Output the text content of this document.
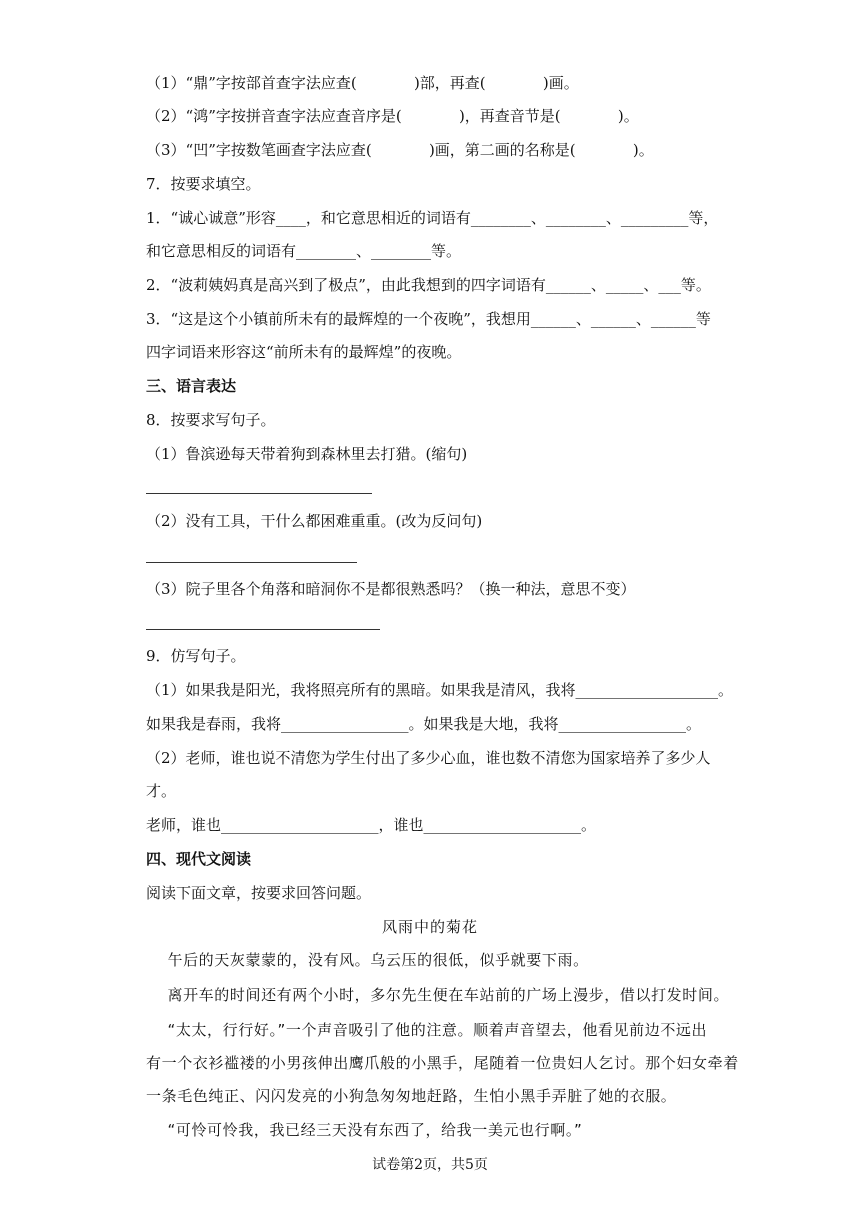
（1）“鼎”字按部首查字法应查(            )部，再查(            )画。
（2）“鸿”字按拼音查字法应查音序是(            )，再查音节是(            )。
（3）“凹”字按数笔画查字法应查(            )画，第二画的名称是(            )。
7．按要求填空。
1．“诚心诚意”形容____，和它意思相近的词语有________、________、_________等，
和它意思相反的词语有________、________等。
2．“波莉姨妈真是高兴到了极点”，由此我想到的四字词语有______、_____、___等。
3．“这是这个小镇前所未有的最辉煌的一个夜晚”，我想用______、______、______等
四字词语来形容这“前所未有的最辉煌”的夜晚。
三、语言表达
8．按要求写句子。
（1）鲁滨逊每天带着狗到森林里去打猎。(缩句)
（2）没有工具，干什么都困难重重。(改为反问句)
（3）院子里各个角落和暗洞你不是都很熟悉吗？（换一种法，意思不变）
9．仿写句子。
（1）如果我是阳光，我将照亮所有的黑暗。如果我是清风，我将___________________。
如果我是春雨，我将_________________。如果我是大地，我将_________________。
（2）老师，谁也说不清您为学生付出了多少心血，谁也数不清您为国家培养了多少人
才。
老师，谁也_____________________，谁也_____________________。
四、现代文阅读
阅读下面文章，按要求回答问题。
风雨中的菊花
午后的天灰蒙蒙的，没有风。乌云压的很低，似乎就要下雨。
离开车的时间还有两个小时，多尔先生便在车站前的广场上漫步，借以打发时间。
“太太，行行好。”一个声音吸引了他的注意。顺着声音望去，他看见前边不远出
有一个衣衫褴褛的小男孩伸出鹰爪般的小黑手，尾随着一位贵妇人乞讨。那个妇女牵着
一条毛色纯正、闪闪发亮的小狗急匆匆地赶路，生怕小黑手弄脏了她的衣服。
“可怜可怜我，我已经三天没有东西了，给我一美元也行啊。”
试卷第2页，共5页
